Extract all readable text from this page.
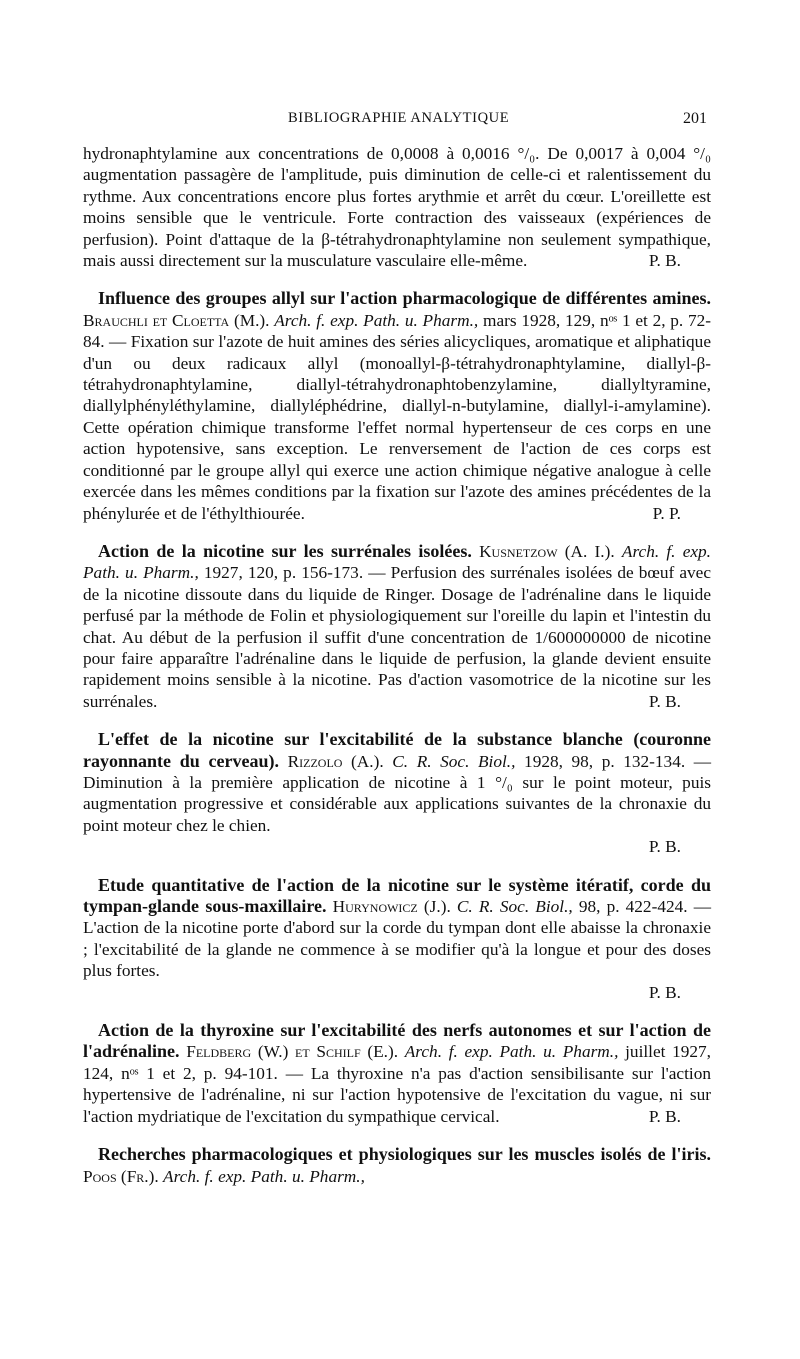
BIBLIOGRAPHIE ANALYTIQUE	201
hydronaphtylamine aux concentrations de 0,0008 à 0,0016 °/₀. De 0,0017 à 0,004 °/₀ augmentation passagère de l'amplitude, puis diminution de celle-ci et ralentissement du rythme. Aux concentrations encore plus fortes arythmie et arrêt du cœur. L'oreillette est moins sensible que le ventricule. Forte contraction des vaisseaux (expériences de perfusion). Point d'attaque de la β-tétrahydronaphtylamine non seulement sympathique, mais aussi directement sur la musculature vasculaire elle-même.	P. B.
Influence des groupes allyl sur l'action pharmacologique de différentes amines. Brauchli et Cloetta (M.). Arch. f. exp. Path. u. Pharm., mars 1928, 129, nᵒˢ 1 et 2, p. 72-84. — Fixation sur l'azote de huit amines des séries alicycliques, aromatique et aliphatique d'un ou deux radicaux allyl (monoallyl-β-tétrahydronaphtylamine, diallyl-β-tétrahydronaphtylamine, diallyl-tétrahydronaphtobenzylamine, diallyltyramine, diallylphényléthylamine, diallyléphédrine, diallyl-n-butylamine, diallyl-i-amylamine). Cette opération chimique transforme l'effet normal hypertenseur de ces corps en une action hypotensive, sans exception. Le renversement de l'action de ces corps est conditionné par le groupe allyl qui exerce une action chimique négative analogue à celle exercée dans les mêmes conditions par la fixation sur l'azote des amines précédentes de la phénylurée et de l'éthylthiourée.	P. P.
Action de la nicotine sur les surrénales isolées. Kusnetzow (A. I.). Arch. f. exp. Path. u. Pharm., 1927, 120, p. 156-173. — Perfusion des surrénales isolées de bœuf avec de la nicotine dissoute dans du liquide de Ringer. Dosage de l'adrénaline dans le liquide perfusé par la méthode de Folin et physiologiquement sur l'oreille du lapin et l'intestin du chat. Au début de la perfusion il suffit d'une concentration de 1/600000000 de nicotine pour faire apparaître l'adrénaline dans le liquide de perfusion, la glande devient ensuite rapidement moins sensible à la nicotine. Pas d'action vasomotrice de la nicotine sur les surrénales.	P. B.
L'effet de la nicotine sur l'excitabilité de la substance blanche (couronne rayonnante du cerveau). Rizzolo (A.). C. R. Soc. Biol., 1928, 98, p. 132-134. — Diminution à la première application de nicotine à 1 °/₀ sur le point moteur, puis augmentation progressive et considérable aux applications suivantes de la chronaxie du point moteur chez le chien.
P. B.
Etude quantitative de l'action de la nicotine sur le système itératif, corde du tympan-glande sous-maxillaire. Hurynowicz (J.). C. R. Soc. Biol., 98, p. 422-424. — L'action de la nicotine porte d'abord sur la corde du tympan dont elle abaisse la chronaxie ; l'excitabilité de la glande ne commence à se modifier qu'à la longue et pour des doses plus fortes.
P. B.
Action de la thyroxine sur l'excitabilité des nerfs autonomes et sur l'action de l'adrénaline. Feldberg (W.) et Schilf (E.). Arch. f. exp. Path. u. Pharm., juillet 1927, 124, nᵒˢ 1 et 2, p. 94-101. — La thyroxine n'a pas d'action sensibilisante sur l'action hypertensive de l'adrénaline, ni sur l'action hypotensive de l'excitation du vague, ni sur l'action mydriatique de l'excitation du sympathique cervical.	P. B.
Recherches pharmacologiques et physiologiques sur les muscles isolés de l'iris. Poos (Fr.). Arch. f. exp. Path. u. Pharm.,
